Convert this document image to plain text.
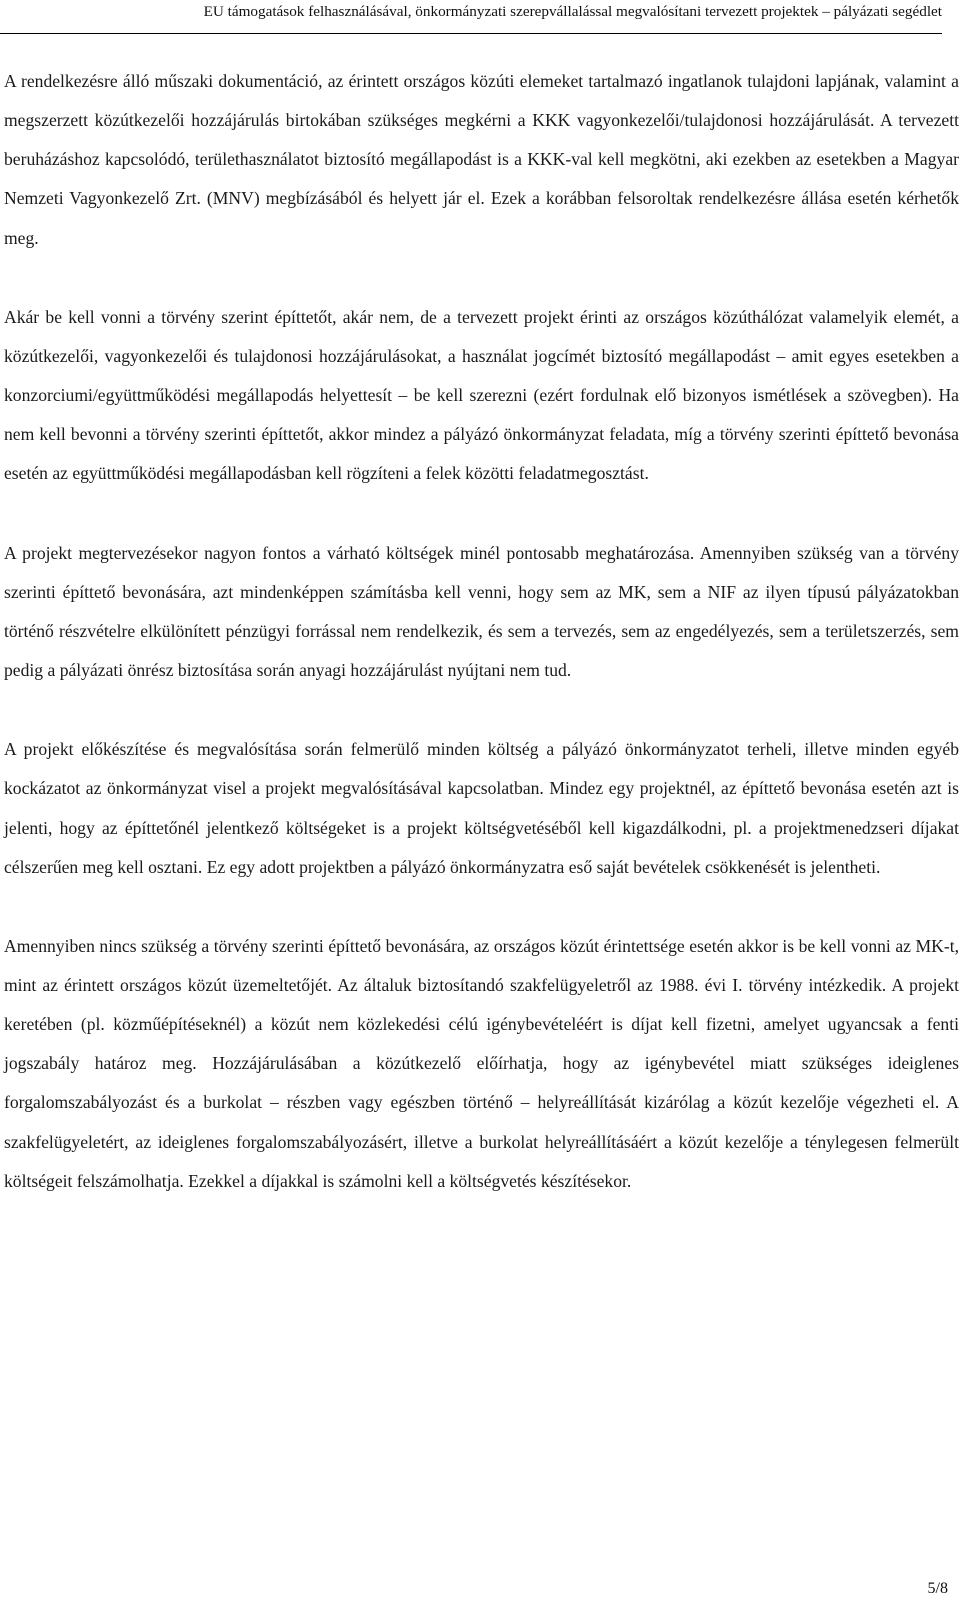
EU támogatások felhasználásával, önkormányzati szerepvállalással megvalósítani tervezett projektek – pályázati segédlet

A rendelkezésre álló műszaki dokumentáció, az érintett országos közúti elemeket tartalmazó ingatlanok tulajdoni lapjának, valamint a megszerzett közútkezelői hozzájárulás birtokában szükséges megkérni a KKK vagyonkezelői/tulajdonosi hozzájárulását. A tervezett beruházáshoz kapcsolódó, területhasználatot biztosító megállapodást is a KKK-val kell megkötni, aki ezekben az esetekben a Magyar Nemzeti Vagyonkezelő Zrt. (MNV) megbízásából és helyett jár el. Ezek a korábban felsoroltak rendelkezésre állása esetén kérhetők meg.

Akár be kell vonni a törvény szerint építtetőt, akár nem, de a tervezett projekt érinti az országos közúthálózat valamelyik elemét, a közútkezelői, vagyonkezelői és tulajdonosi hozzájárulásokat, a használat jogcímét biztosító megállapodást – amit egyes esetekben a konzorciumi/együttműködési megállapodás helyettesít – be kell szerezni (ezért fordulnak elő bizonyos ismétlések a szövegben). Ha nem kell bevonni a törvény szerinti építtetőt, akkor mindez a pályázó önkormányzat feladata, míg a törvény szerinti építtető bevonása esetén az együttműködési megállapodásban kell rögzíteni a felek közötti feladatmegosztást.

A projekt megtervezésekor nagyon fontos a várható költségek minél pontosabb meghatározása. Amennyiben szükség van a törvény szerinti építtető bevonására, azt mindenképpen számításba kell venni, hogy sem az MK, sem a NIF az ilyen típusú pályázatokban történő részvételre elkülönített pénzügyi forrással nem rendelkezik, és sem a tervezés, sem az engedélyezés, sem a területszerzés, sem pedig a pályázati önrész biztosítása során anyagi hozzájárulást nyújtani nem tud.

A projekt előkészítése és megvalósítása során felmerülő minden költség a pályázó önkormányzatot terheli, illetve minden egyéb kockázatot az önkormányzat visel a projekt megvalósításával kapcsolatban. Mindez egy projektnél, az építtető bevonása esetén azt is jelenti, hogy az építtetőnél jelentkező költségeket is a projekt költségvetéséből kell kigazdálkodni, pl. a projektmenedzseri díjakat célszerűen meg kell osztani. Ez egy adott projektben a pályázó önkormányzatra eső saját bevételek csökkenését is jelentheti.

Amennyiben nincs szükség a törvény szerinti építtető bevonására, az országos közút érintettsége esetén akkor is be kell vonni az MK-t, mint az érintett országos közút üzemeltetőjét. Az általuk biztosítandó szakfelügyeletről az 1988. évi I. törvény intézkedik. A projekt keretében (pl. közműépítéseknél) a közút nem közlekedési célú igénybevételéért is díjat kell fizetni, amelyet ugyancsak a fenti jogszabály határoz meg. Hozzájárulásában a közútkezelő előírhatja, hogy az igénybevétel miatt szükséges ideiglenes forgalomszabályozást és a burkolat – részben vagy egészben történő – helyreállítását kizárólag a közút kezelője végezheti el. A szakfelügyeletért, az ideiglenes forgalomszabályozásért, illetve a burkolat helyreállításáért a közút kezelője a ténylegesen felmerült költségeit felszámolhatja. Ezekkel a díjakkal is számolni kell a költségvetés készítésekor.

5/8
